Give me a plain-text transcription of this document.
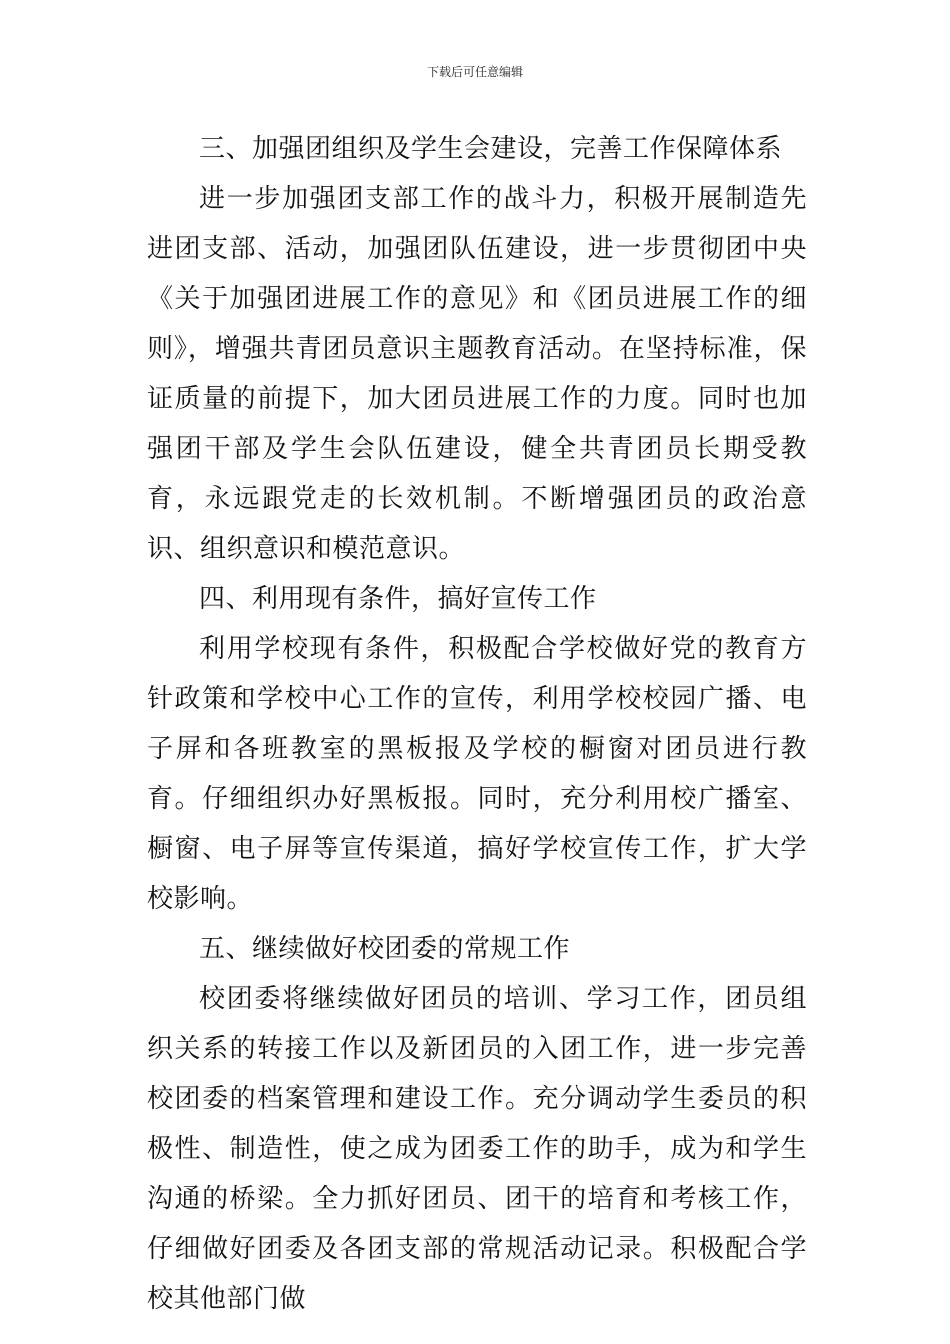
下载后可任意编辑

三、加强团组织及学生会建设，完善工作保障体系

进一步加强团支部工作的战斗力，积极开展制造先进团支部、活动，加强团队伍建设，进一步贯彻团中央《关于加强团进展工作的意见》和《团员进展工作的细则》，增强共青团员意识主题教育活动。在坚持标准，保证质量的前提下，加大团员进展工作的力度。同时也加强团干部及学生会队伍建设，健全共青团员长期受教育，永远跟党走的长效机制。不断增强团员的政治意识、组织意识和模范意识。

四、利用现有条件，搞好宣传工作

利用学校现有条件，积极配合学校做好党的教育方针政策和学校中心工作的宣传，利用学校校园广播、电子屏和各班教室的黑板报及学校的橱窗对团员进行教育。仔细组织办好黑板报。同时，充分利用校广播室、橱窗、电子屏等宣传渠道，搞好学校宣传工作，扩大学校影响。

五、继续做好校团委的常规工作

校团委将继续做好团员的培训、学习工作，团员组织关系的转接工作以及新团员的入团工作，进一步完善校团委的档案管理和建设工作。充分调动学生委员的积极性、制造性，使之成为团委工作的助手，成为和学生沟通的桥梁。全力抓好团员、团干的培育和考核工作，仔细做好团委及各团支部的常规活动记录。积极配合学校其他部门做
